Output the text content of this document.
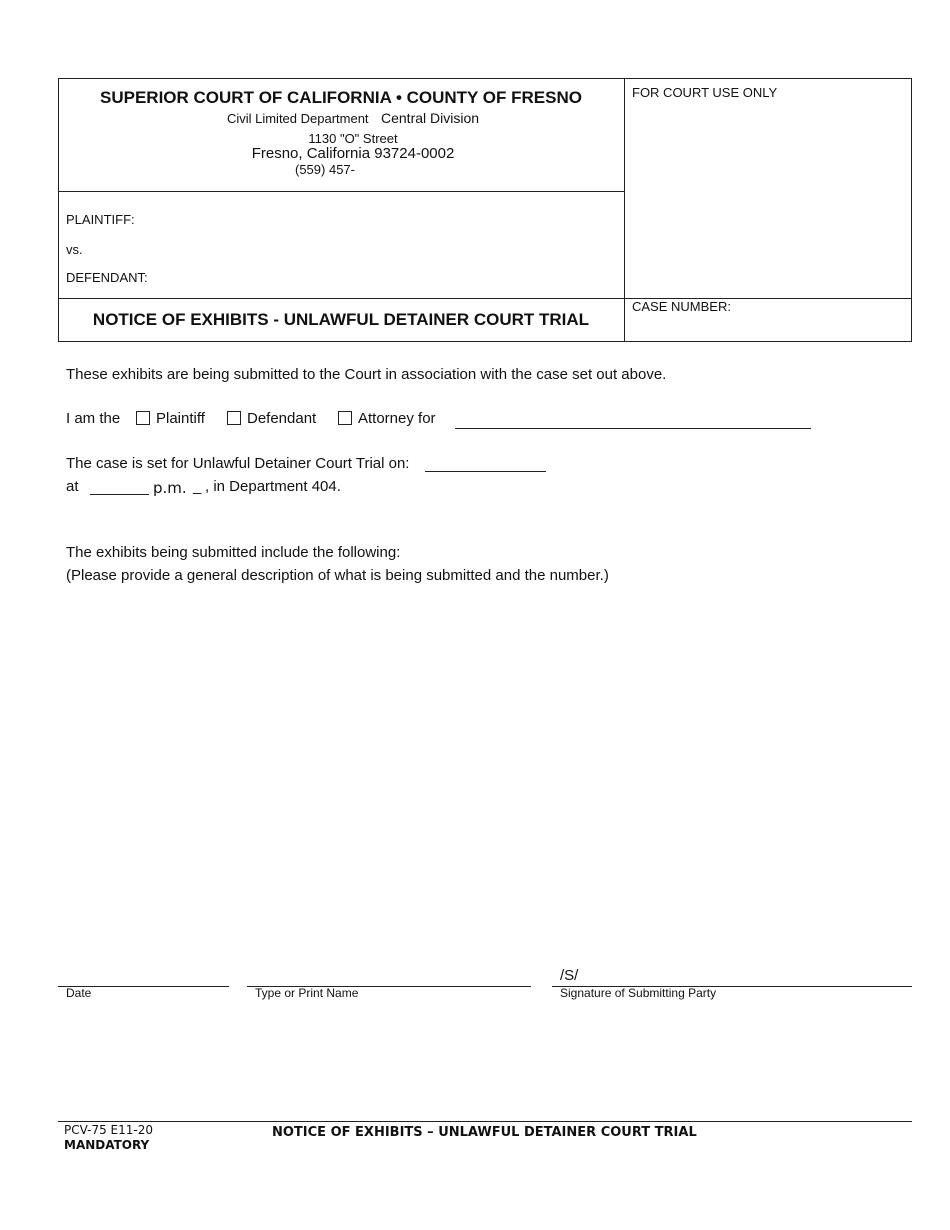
SUPERIOR COURT OF CALIFORNIA • COUNTY OF FRESNO
Civil Limited Department Central Division
1130 "O" Street
Fresno, California 93724-0002
(559) 457-
FOR COURT USE ONLY
PLAINTIFF:
vs.
DEFENDANT:
NOTICE OF EXHIBITS - UNLAWFUL DETAINER COURT TRIAL
CASE NUMBER:
These exhibits are being submitted to the Court in association with the case set out above.
I am the	Plaintiff	Defendant	Attorney for
The case is set for Unlawful Detainer Court Trial on:
at	p.m. _ , in Department 404.
The exhibits being submitted include the following:
(Please provide a general description of what is being submitted and the number.)
/S/
Date	Type or Print Name	Signature of Submitting Party
PCV-75 E11-20
MANDATORY
NOTICE OF EXHIBITS – UNLAWFUL DETAINER COURT TRIAL
